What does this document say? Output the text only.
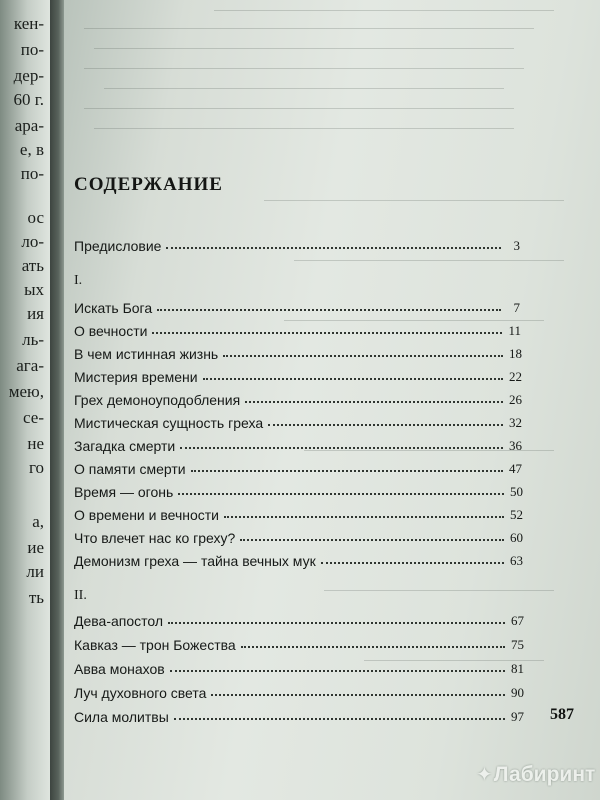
кен-
по-
дер-
60 г.
ара-
е, в
по-
ос
ло-
ать
ых
ия
ль-
ага-
мею,
се-
не
го
а,
ие
ли
ть
СОДЕРЖАНИЕ
Предисловие	3
I.
Искать Бога	7
О вечности	11
В чем истинная жизнь	18
Мистерия времени	22
Грех демоноуподобления	26
Мистическая сущность греха	32
Загадка смерти	36
О памяти смерти	47
Время — огонь	50
О времени и вечности	52
Что влечет нас ко греху?	60
Демонизм греха — тайна вечных мук	63
II.
Дева-апостол	67
Кавказ — трон Божества	75
Авва монахов	81
Луч духовного света	90
Сила молитвы	97 587
✦Лабиринт
